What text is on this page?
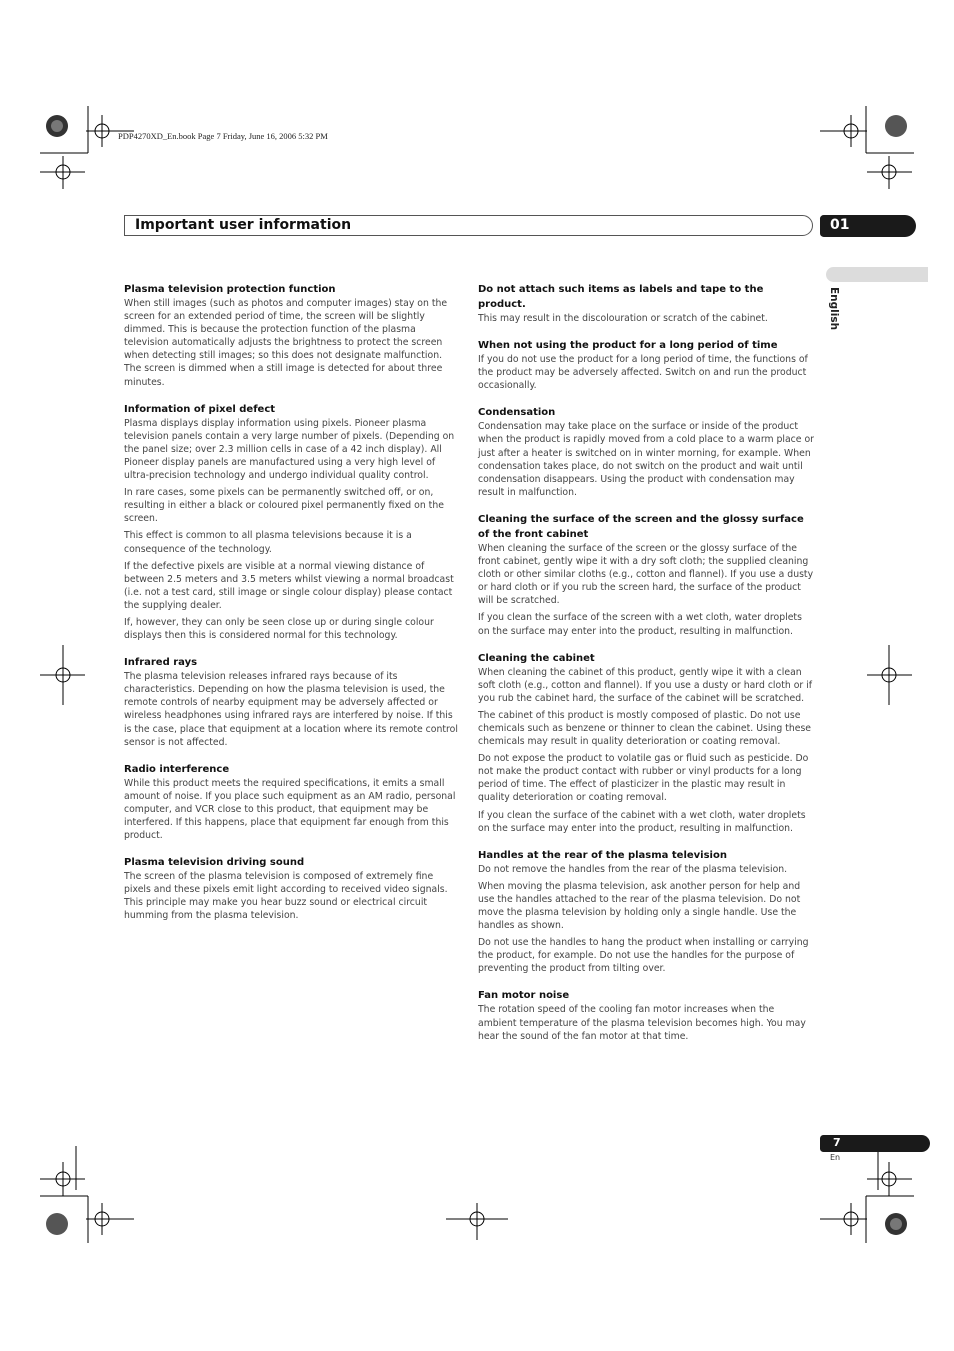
PDP4270XD_En.book Page 7 Friday, June 16, 2006 5:32 PM
Important user information	01
English

Plasma television protection function

When still images (such as photos and computer images) stay on the screen for an extended period of time, the screen will be slightly dimmed. This is because the protection function of the plasma television automatically adjusts the brightness to protect the screen when detecting still images; so this does not designate malfunction. The screen is dimmed when a still image is detected for about three minutes.

Information of pixel defect

Plasma displays display information using pixels. Pioneer plasma television panels contain a very large number of pixels. (Depending on the panel size; over 2.3 million cells in case of a 42 inch display). All Pioneer display panels are manufactured using a very high level of ultra-precision technology and undergo individual quality control.

In rare cases, some pixels can be permanently switched off, or on, resulting in either a black or coloured pixel permanently fixed on the screen.

This effect is common to all plasma televisions because it is a consequence of the technology.

If the defective pixels are visible at a normal viewing distance of between 2.5 meters and 3.5 meters whilst viewing a normal broadcast (i.e. not a test card, still image or single colour display) please contact the supplying dealer.

If, however, they can only be seen close up or during single colour displays then this is considered normal for this technology.

Infrared rays

The plasma television releases infrared rays because of its characteristics. Depending on how the plasma television is used, the remote controls of nearby equipment may be adversely affected or wireless headphones using infrared rays are interfered by noise. If this is the case, place that equipment at a location where its remote control sensor is not affected.

Radio interference

While this product meets the required specifications, it emits a small amount of noise. If you place such equipment as an AM radio, personal computer, and VCR close to this product, that equipment may be interfered. If this happens, place that equipment far enough from this product.

Plasma television driving sound

The screen of the plasma television is composed of extremely fine pixels and these pixels emit light according to received video signals. This principle may make you hear buzz sound or electrical circuit humming from the plasma television.

Do not attach such items as labels and tape to the product.

This may result in the discolouration or scratch of the cabinet.

When not using the product for a long period of time

If you do not use the product for a long period of time, the functions of the product may be adversely affected. Switch on and run the product occasionally.

Condensation

Condensation may take place on the surface or inside of the product when the product is rapidly moved from a cold place to a warm place or just after a heater is switched on in winter morning, for example. When condensation takes place, do not switch on the product and wait until condensation disappears. Using the product with condensation may result in malfunction.

Cleaning the surface of the screen and the glossy surface of the front cabinet

When cleaning the surface of the screen or the glossy surface of the front cabinet, gently wipe it with a dry soft cloth; the supplied cleaning cloth or other similar cloths (e.g., cotton and flannel). If you use a dusty or hard cloth or if you rub the screen hard, the surface of the product will be scratched.

If you clean the surface of the screen with a wet cloth, water droplets on the surface may enter into the product, resulting in malfunction.

Cleaning the cabinet

When cleaning the cabinet of this product, gently wipe it with a clean soft cloth (e.g., cotton and flannel). If you use a dusty or hard cloth or if you rub the cabinet hard, the surface of the cabinet will be scratched.

The cabinet of this product is mostly composed of plastic. Do not use chemicals such as benzene or thinner to clean the cabinet. Using these chemicals may result in quality deterioration or coating removal.

Do not expose the product to volatile gas or fluid such as pesticide. Do not make the product contact with rubber or vinyl products for a long period of time. The effect of plasticizer in the plastic may result in quality deterioration or coating removal.

If you clean the surface of the cabinet with a wet cloth, water droplets on the surface may enter into the product, resulting in malfunction.

Handles at the rear of the plasma television

Do not remove the handles from the rear of the plasma television.

When moving the plasma television, ask another person for help and use the handles attached to the rear of the plasma television. Do not move the plasma television by holding only a single handle. Use the handles as shown.

Do not use the handles to hang the product when installing or carrying the product, for example. Do not use the handles for the purpose of preventing the product from tilting over.

Fan motor noise

The rotation speed of the cooling fan motor increases when the ambient temperature of the plasma television becomes high. You may hear the sound of the fan motor at that time.

7
En
